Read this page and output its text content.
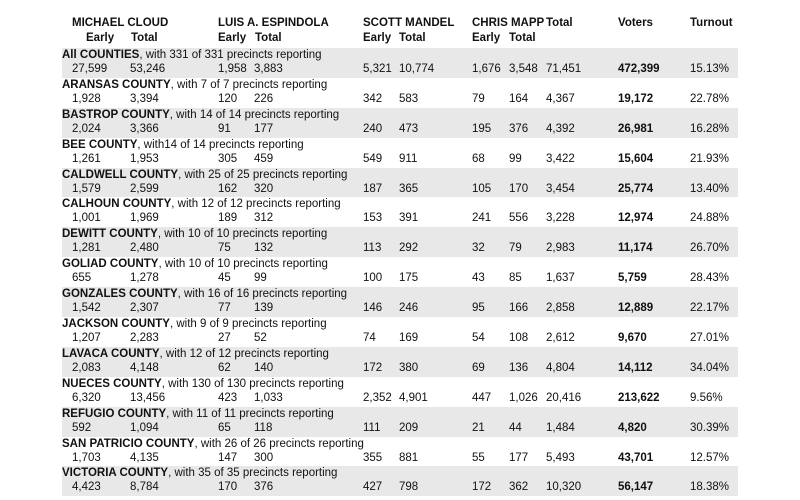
MICHAEL CLOUD	LUIS A. ESPINDOLA	SCOTT MANDEL CHRIS MAPP Total	Voters	Turnout
Early Total	Early Total	Early Total	Early Total
All COUNTIES, with 331 of 331 precincts reporting
27,599 53,246	1,958 3,883	5,321 10,774	1,676 3,548 71,451	472,399	15.13%
ARANSAS COUNTY, with 7 of 7 precincts reporting
1,928	3,394	120 226	342 583	79 164 4,367	19,172	22.78%
BASTROP COUNTY, with 14 of 14 precincts reporting
2,024	3,366	91 177	240 473	195 376 4,392	26,981	16.28%
BEE COUNTY, with14 of 14 precincts reporting
1,261	1,953	305 459	549 911	68 99 3,422	15,604	21.93%
CALDWELL COUNTY, with 25 of 25 precincts reporting
1,579	2,599	162 320	187 365	105 170 3,454	25,774	13.40%
CALHOUN COUNTY, with 12 of 12 precincts reporting
1,001	1,969	189 312	153 391	241 556 3,228	12,974	24.88%
DEWITT COUNTY, with 10 of 10 precincts reporting
1,281	2,480	75 132	113 292	32 79 2,983	11,174	26.70%
GOLIAD COUNTY, with 10 of 10 precincts reporting
655	1,278	45 99	100 175	43 85 1,637	5,759	28.43%
GONZALES COUNTY, with 16 of 16 precincts reporting
1,542	2,307	77 139	146 246	95 166 2,858	12,889	22.17%
JACKSON COUNTY, with 9 of 9 precincts reporting
1,207	2,283	27 52	74 169	54 108 2,612	9,670	27.01%
LAVACA COUNTY, with 12 of 12 precincts reporting
2,083	4,148	62 140	172 380	69 136 4,804	14,112	34.04%
NUECES COUNTY, with 130 of 130 precincts reporting
6,320	13,456	423 1,033	2,352 4,901	447 1,026 20,416	213,622	9.56%
REFUGIO COUNTY, with 11 of 11 precincts reporting
592	1,094	65 118	111 209	21 44 1,484	4,820	30.39%
SAN PATRICIO COUNTY, with 26 of 26 precincts reporting
1,703	4,135	147 300	355 881	55 177 5,493	43,701	12.57%
VICTORIA COUNTY, with 35 of 35 precincts reporting
4,423	8,784	170 376	427 798	172 362 10,320	56,147	18.38%
